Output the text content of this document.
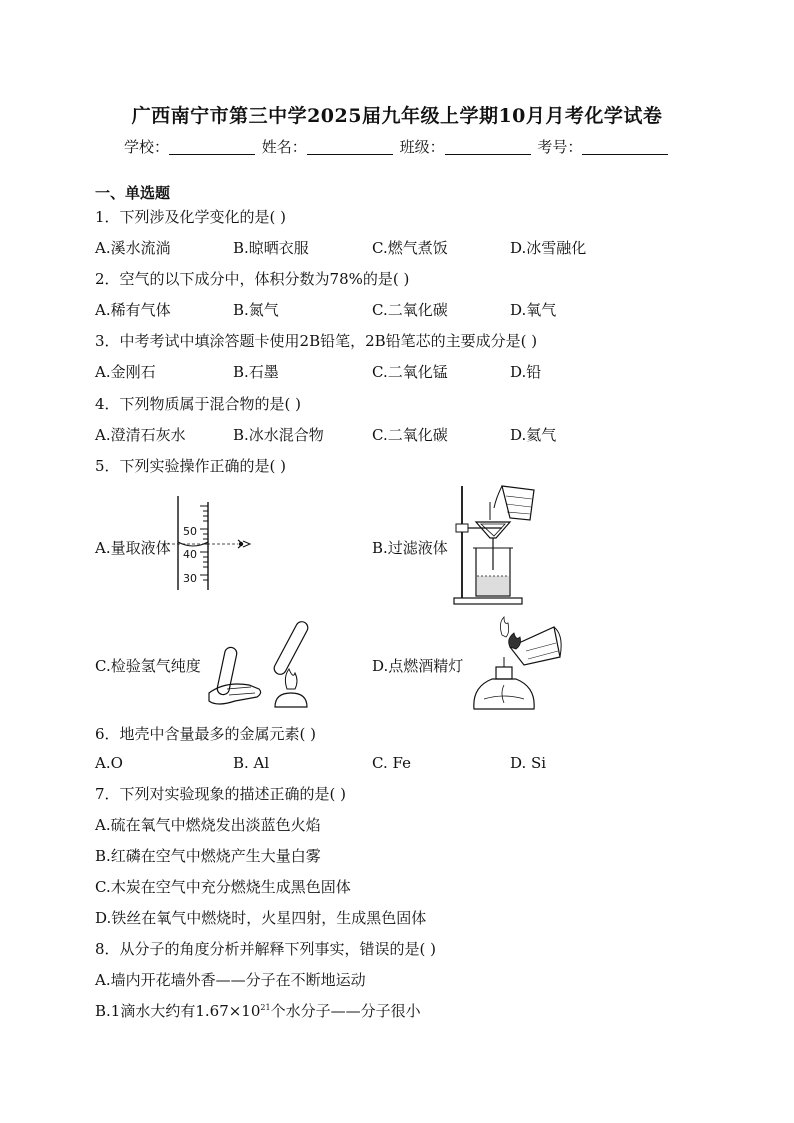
广西南宁市第三中学2025届九年级上学期10月月考化学试卷
学校：	姓名：	班级：	考号：
一、单选题
1．下列涉及化学变化的是( )
A.溪水流淌	B.晾晒衣服	C.燃气煮饭	D.冰雪融化
2．空气的以下成分中，体积分数为78%的是( )
A.稀有气体	B.氮气	C.二氧化碳	D.氧气
3．中考考试中填涂答题卡使用2B铅笔，2B铅笔芯的主要成分是( )
A.金刚石	B.石墨	C.二氧化锰	D.铅
4．下列物质属于混合物的是( )
A.澄清石灰水	B.冰水混合物	C.二氧化碳	D.氦气
5．下列实验操作正确的是( )
A.量取液体
50
40
30
B.过滤液体
C.检验氢气纯度	D.点燃酒精灯
6．地壳中含量最多的金属元素( )
A.O	B. Al	C. Fe	D. Si
7．下列对实验现象的描述正确的是( )
A.硫在氧气中燃烧发出淡蓝色火焰
B.红磷在空气中燃烧产生大量白雾
C.木炭在空气中充分燃烧生成黑色固体
D.铁丝在氧气中燃烧时，火星四射，生成黑色固体
8．从分子的角度分析并解释下列事实，错误的是( )
A.墙内开花墙外香——分子在不断地运动
B.1滴水大约有$1.67\times 10^{21}$个水分子——分子很小
